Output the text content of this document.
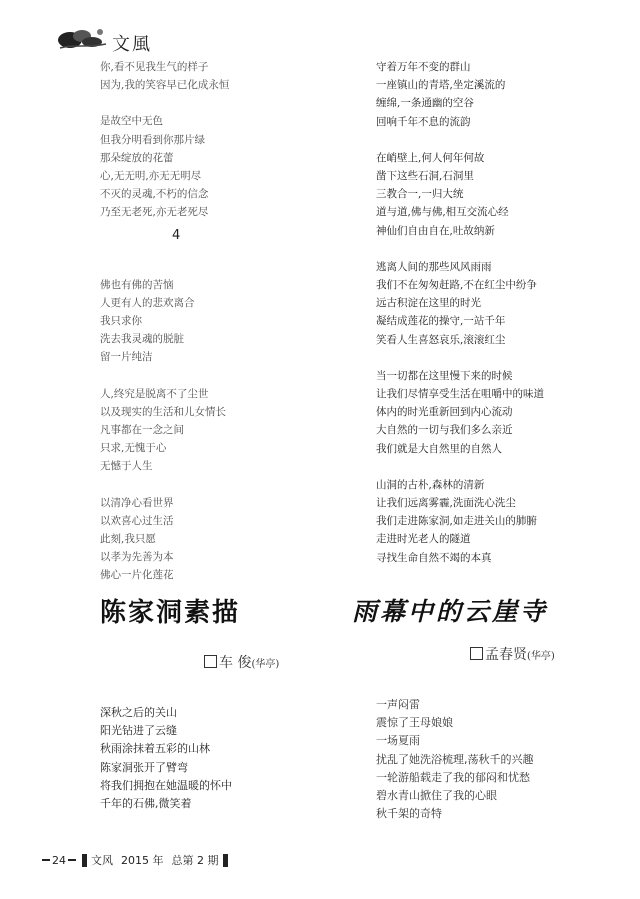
文風
你,看不见我生气的样子
因为,我的笑容早已化成永恒
是故空中无色
但我分明看到你那片绿
那朵绽放的花蕾
心,无无明,亦无无明尽
不灭的灵魂,不朽的信念
乃至无老死,亦无老死尽
佛也有佛的苦恼
人更有人的悲欢离合
我只求你
洗去我灵魂的脱脏
留一片纯洁
人,终究是脱离不了尘世
以及现实的生活和儿女情长
凡事都在一念之间
只求,无愧于心
无憾于人生
以清净心看世界
以欢喜心过生活
此刻,我只愿
以孝为先善为本
佛心一片化莲花
4
守着万年不变的群山
一座镇山的青塔,坐定溪流的
缠绵,一条通幽的空谷
回响千年不息的流韵
在峭壁上,何人何年何故
凿下这些石洞,石洞里
三教合一,一归大统
道与道,佛与佛,相互交流心经
神仙们自由自在,吐故纳新
逃离人间的那些风风雨雨
我们不在匆匆赶路,不在红尘中纷争
远古积淀在这里的时光
凝结成莲花的操守,一站千年
笑看人生喜怒哀乐,滚滚红尘
当一切都在这里慢下来的时候
让我们尽情享受生活在咀嚼中的味道
体内的时光重新回到内心流动
大自然的一切与我们多么亲近
我们就是大自然里的自然人
山洞的古朴,森林的清新
让我们远离雾霾,洗面洗心洗尘
我们走进陈家洞,如走进关山的肺腑
走进时光老人的隧道
寻找生命自然不竭的本真
陈家洞素描	雨幕中的云崖寺
车 俊(华亭)
孟春贤(华亭)
深秋之后的关山
阳光钻进了云缝
秋雨涂抹着五彩的山林
陈家洞张开了臂弯
将我们拥抱在她温暖的怀中
千年的石佛,微笑着
一声闷雷
震惊了王母娘娘
一场夏雨
扰乱了她洗浴梳理,荡秋千的兴趣
一轮游船载走了我的郁闷和忧愁
碧水青山掀住了我的心眼
秋千架的奇特
24 文风 2015 年 总第 2 期
